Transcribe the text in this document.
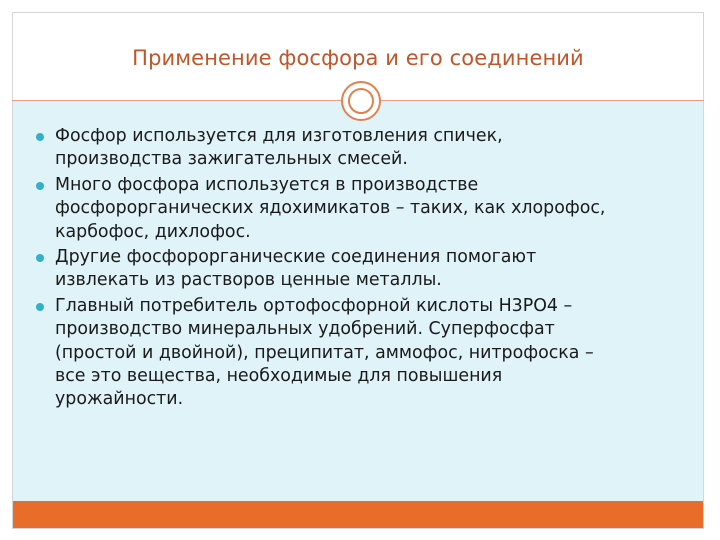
Применение фосфора и его соединений
Фосфор используется для изготовления спичек,
производства зажигательных смесей.
Много фосфора используется в производстве
фосфорорганических ядохимикатов – таких, как хлорофос,
карбофос, дихлофос.
Другие фосфорорганические соединения помогают
извлекать из растворов ценные металлы.
Главный потребитель ортофосфорной кислоты Н3РО4 –
производство минеральных удобрений. Суперфосфат
(простой и двойной), преципитат, аммофос, нитрофоска –
все это вещества, необходимые для повышения
урожайности.
